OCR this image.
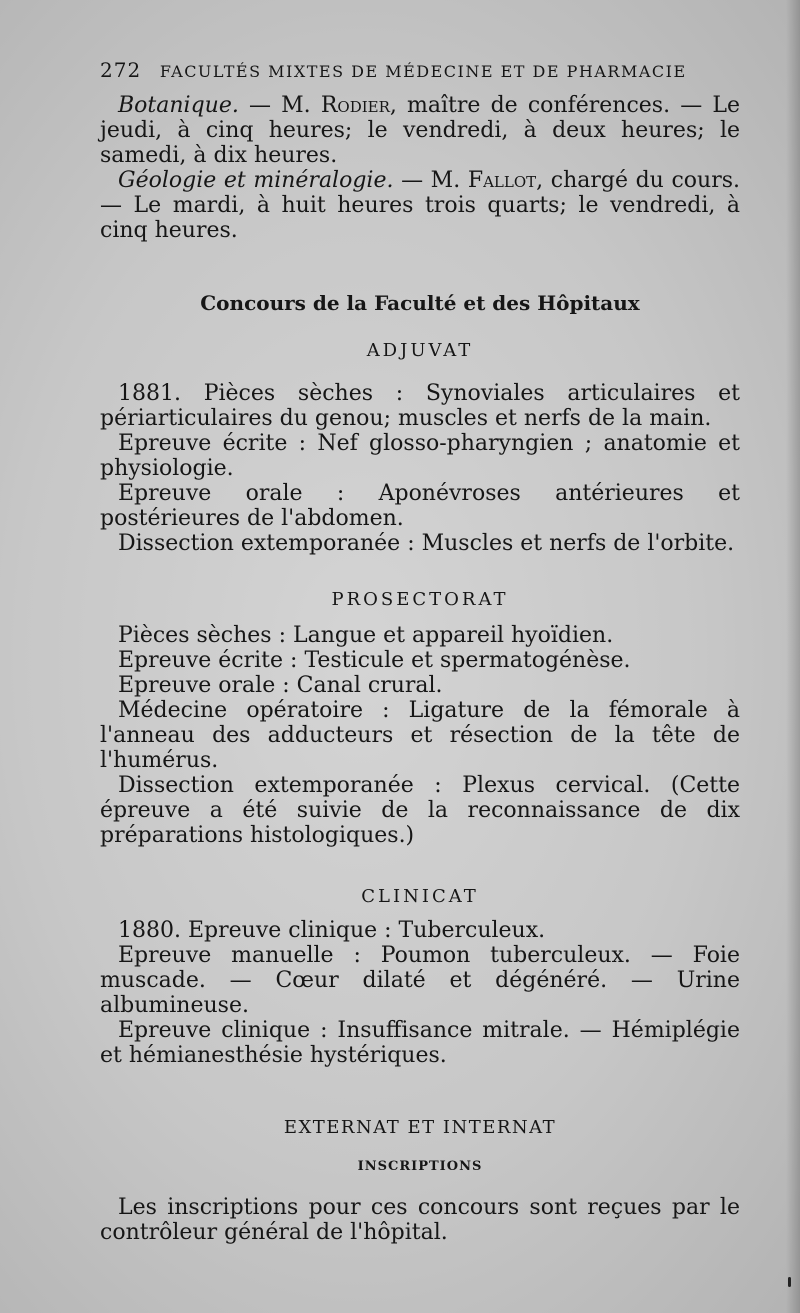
272 FACULTÉS MIXTES DE MÉDECINE ET DE PHARMACIE

Botanique. — M. Rodier, maître de conférences. — Le jeudi, à cinq heures; le vendredi, à deux heures; le samedi, à dix heures.

Géologie et minéralogie. — M. Fallot, chargé du cours. — Le mardi, à huit heures trois quarts; le vendredi, à cinq heures.

Concours de la Faculté et des Hôpitaux
ADJUVAT

1881. Pièces sèches : Synoviales articulaires et périarticulaires du genou; muscles et nerfs de la main.

Epreuve écrite : Nef glosso-pharyngien ; anatomie et physiologie.

Epreuve orale : Aponévroses antérieures et postérieures de l'abdomen.

Dissection extemporanée : Muscles et nerfs de l'orbite.

PROSECTORAT

Pièces sèches : Langue et appareil hyoïdien.

Epreuve écrite : Testicule et spermatogénèse.

Epreuve orale : Canal crural.

Médecine opératoire : Ligature de la fémorale à l'anneau des adducteurs et résection de la tête de l'humérus.

Dissection extemporanée : Plexus cervical. (Cette épreuve a été suivie de la reconnaissance de dix préparations histologiques.)

CLINICAT

1880. Epreuve clinique : Tuberculeux.

Epreuve manuelle : Poumon tuberculeux. — Foie muscade. — Cœur dilaté et dégénéré. — Urine albumineuse.

Epreuve clinique : Insuffisance mitrale. — Hémiplégie et hémianesthésie hystériques.

EXTERNAT ET INTERNAT
INSCRIPTIONS

Les inscriptions pour ces concours sont reçues par le contrôleur général de l'hôpital.
